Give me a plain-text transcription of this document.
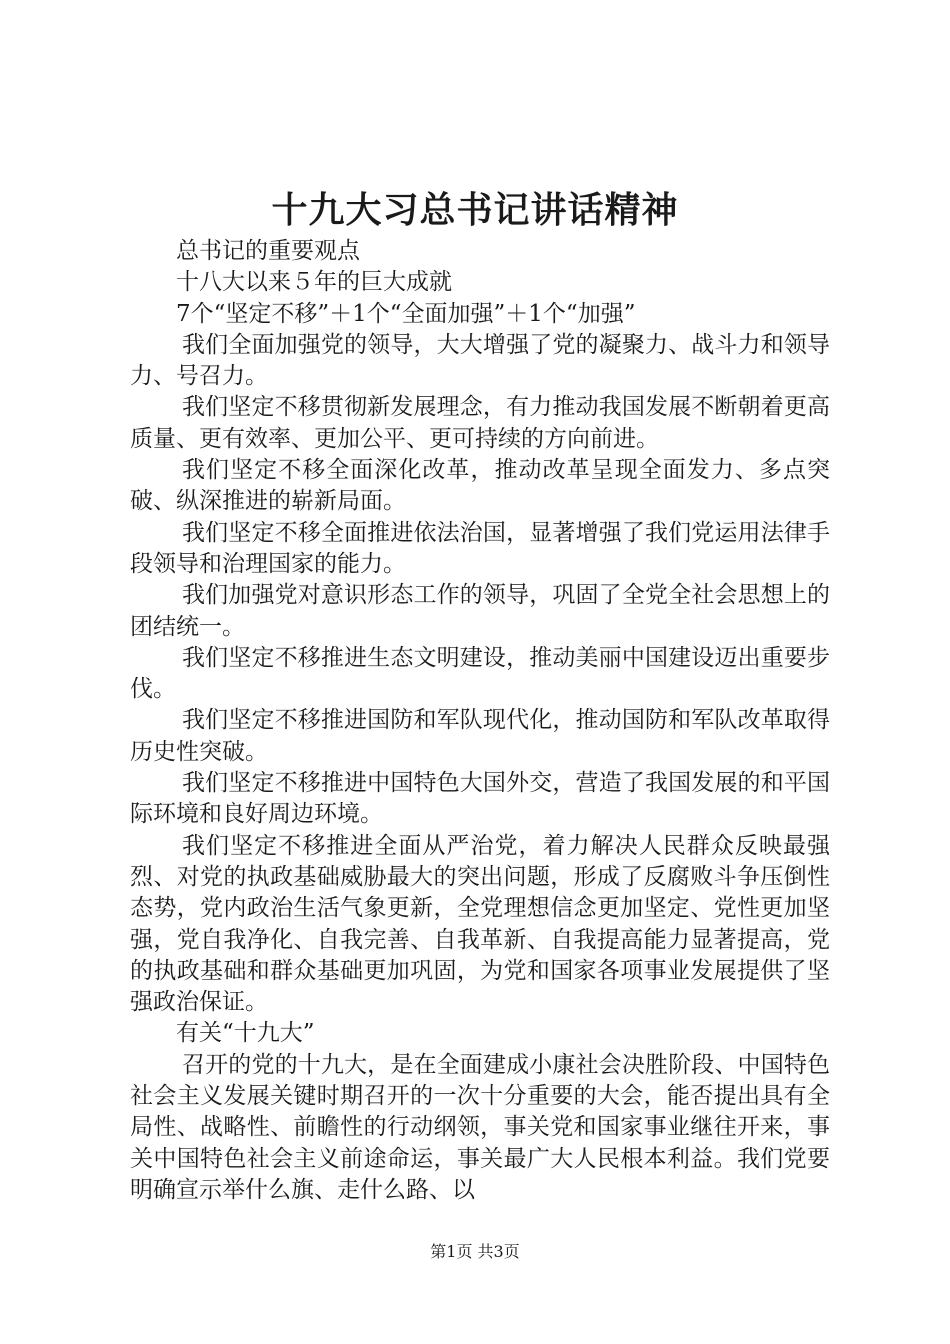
十九大习总书记讲话精神
总书记的重要观点
十八大以来５年的巨大成就
7个“坚定不移”＋1个“全面加强”＋1个“加强”
我们全面加强党的领导，大大增强了党的凝聚力、战斗力和领导力、号召力。
我们坚定不移贯彻新发展理念，有力推动我国发展不断朝着更高质量、更有效率、更加公平、更可持续的方向前进。
我们坚定不移全面深化改革，推动改革呈现全面发力、多点突破、纵深推进的崭新局面。
我们坚定不移全面推进依法治国，显著增强了我们党运用法律手段领导和治理国家的能力。
我们加强党对意识形态工作的领导，巩固了全党全社会思想上的团结统一。
我们坚定不移推进生态文明建设，推动美丽中国建设迈出重要步伐。
我们坚定不移推进国防和军队现代化，推动国防和军队改革取得历史性突破。
我们坚定不移推进中国特色大国外交，营造了我国发展的和平国际环境和良好周边环境。
我们坚定不移推进全面从严治党，着力解决人民群众反映最强烈、对党的执政基础威胁最大的突出问题，形成了反腐败斗争压倒性态势，党内政治生活气象更新，全党理想信念更加坚定、党性更加坚强，党自我净化、自我完善、自我革新、自我提高能力显著提高，党的执政基础和群众基础更加巩固，为党和国家各项事业发展提供了坚强政治保证。
有关“十九大”
召开的党的十九大，是在全面建成小康社会决胜阶段、中国特色社会主义发展关键时期召开的一次十分重要的大会，能否提出具有全局性、战略性、前瞻性的行动纲领，事关党和国家事业继往开来，事关中国特色社会主义前途命运，事关最广大人民根本利益。我们党要明确宣示举什么旗、走什么路、以
第1页 共3页
